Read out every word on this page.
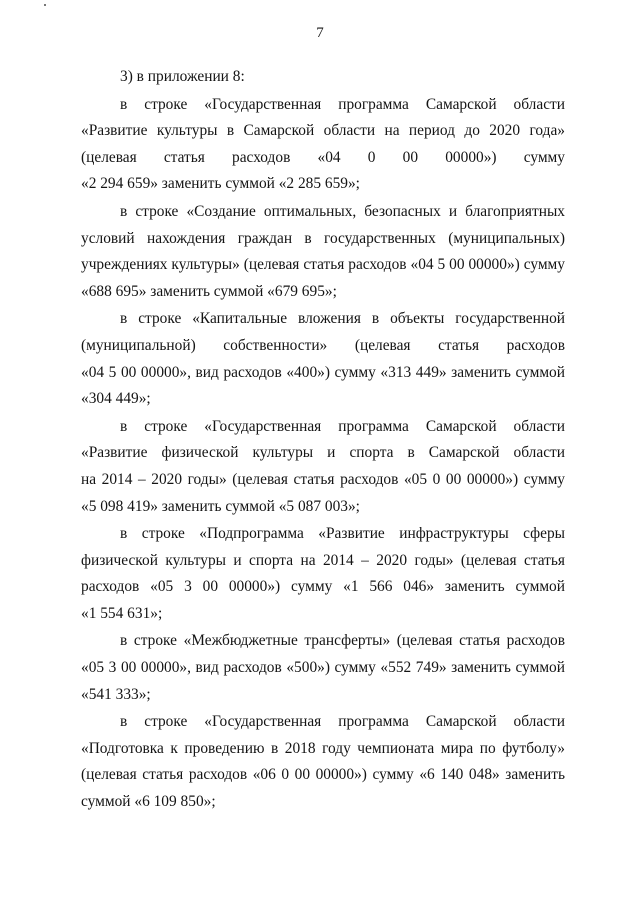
7
3) в приложении 8:
в строке «Государственная программа Самарской области
«Развитие культуры в Самарской области на период до 2020 года»
(целевая статья расходов «04 0 00 00000») сумму
«2 294 659» заменить суммой «2 285 659»;
в строке «Создание оптимальных, безопасных и благоприятных
условий нахождения граждан в государственных (муниципальных)
учреждениях культуры» (целевая статья расходов «04 5 00 00000») сумму
«688 695» заменить суммой «679 695»;
в строке «Капитальные вложения в объекты государственной
(муниципальной) собственности» (целевая статья расходов
«04 5 00 00000», вид расходов «400») сумму «313 449» заменить суммой
«304 449»;
в строке «Государственная программа Самарской области
«Развитие физической культуры и спорта в Самарской области
на 2014 – 2020 годы» (целевая статья расходов «05 0 00 00000») сумму
«5 098 419» заменить суммой «5 087 003»;
в строке «Подпрограмма «Развитие инфраструктуры сферы
физической культуры и спорта на 2014 – 2020 годы» (целевая статья
расходов «05 3 00 00000») сумму «1 566 046» заменить суммой
«1 554 631»;
в строке «Межбюджетные трансферты» (целевая статья расходов
«05 3 00 00000», вид расходов «500») сумму «552 749» заменить суммой
«541 333»;
в строке «Государственная программа Самарской области
«Подготовка к проведению в 2018 году чемпионата мира по футболу»
(целевая статья расходов «06 0 00 00000») сумму «6 140 048» заменить
суммой «6 109 850»;
